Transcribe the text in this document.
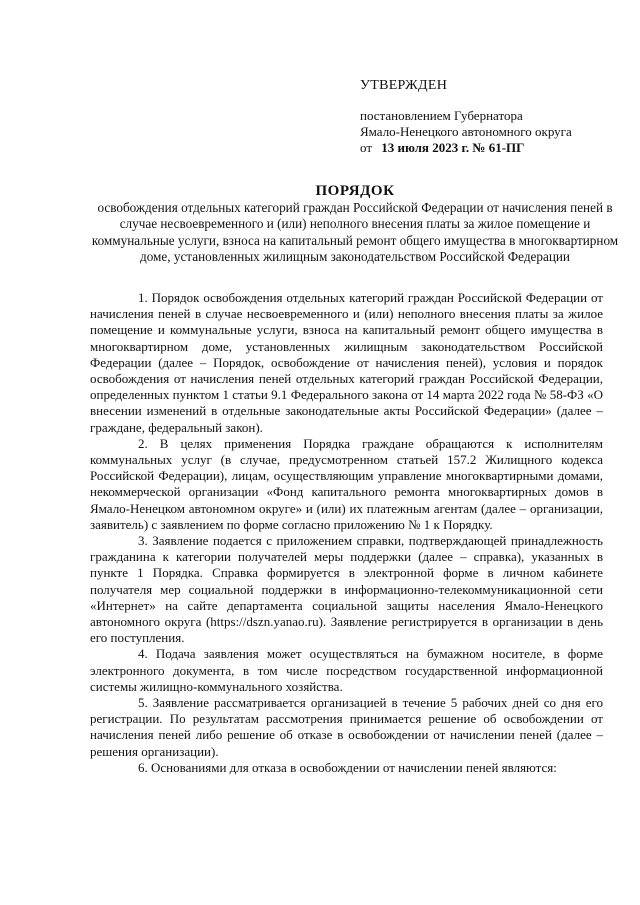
УТВЕРЖДЕН
постановлением Губернатора
Ямало-Ненецкого автономного округа
от 13 июля 2023 г. № 61-ПГ
ПОРЯДОК
освобождения отдельных категорий граждан Российской Федерации от начисления пеней в случае несвоевременного и (или) неполного внесения платы за жилое помещение и коммунальные услуги, взноса на капитальный ремонт общего имущества в многоквартирном доме, установленных жилищным законодательством Российской Федерации

1. Порядок освобождения отдельных категорий граждан Российской Федерации от начисления пеней в случае несвоевременного и (или) неполного внесения платы за жилое помещение и коммунальные услуги, взноса на капитальный ремонт общего имущества в многоквартирном доме, установленных жилищным законодательством Российской Федерации (далее – Порядок, освобождение от начисления пеней), условия и порядок освобождения от начисления пеней отдельных категорий граждан Российской Федерации, определенных пунктом 1 статьи 9.1 Федерального закона от 14 марта 2022 года № 58-ФЗ «О внесении изменений в отдельные законодательные акты Российской Федерации» (далее – граждане, федеральный закон).

2. В целях применения Порядка граждане обращаются к исполнителям коммунальных услуг (в случае, предусмотренном статьей 157.2 Жилищного кодекса Российской Федерации), лицам, осуществляющим управление многоквартирными домами, некоммерческой организации «Фонд капитального ремонта многоквартирных домов в Ямало-Ненецком автономном округе» и (или) их платежным агентам (далее – организации, заявитель) с заявлением по форме согласно приложению № 1 к Порядку.

3. Заявление подается с приложением справки, подтверждающей принадлежность гражданина к категории получателей меры поддержки (далее – справка), указанных в пункте 1 Порядка. Справка формируется в электронной форме в личном кабинете получателя мер социальной поддержки в информационно-телекоммуникационной сети «Интернет» на сайте департамента социальной защиты населения Ямало-Ненецкого автономного округа (https://dszn.yanao.ru). Заявление регистрируется в организации в день его поступления.

4. Подача заявления может осуществляться на бумажном носителе, в форме электронного документа, в том числе посредством государственной информационной системы жилищно-коммунального хозяйства.

5. Заявление рассматривается организацией в течение 5 рабочих дней со дня его регистрации. По результатам рассмотрения принимается решение об освобождении от начисления пеней либо решение об отказе в освобождении от начислении пеней (далее – решения организации).

6. Основаниями для отказа в освобождении от начислении пеней являются:
